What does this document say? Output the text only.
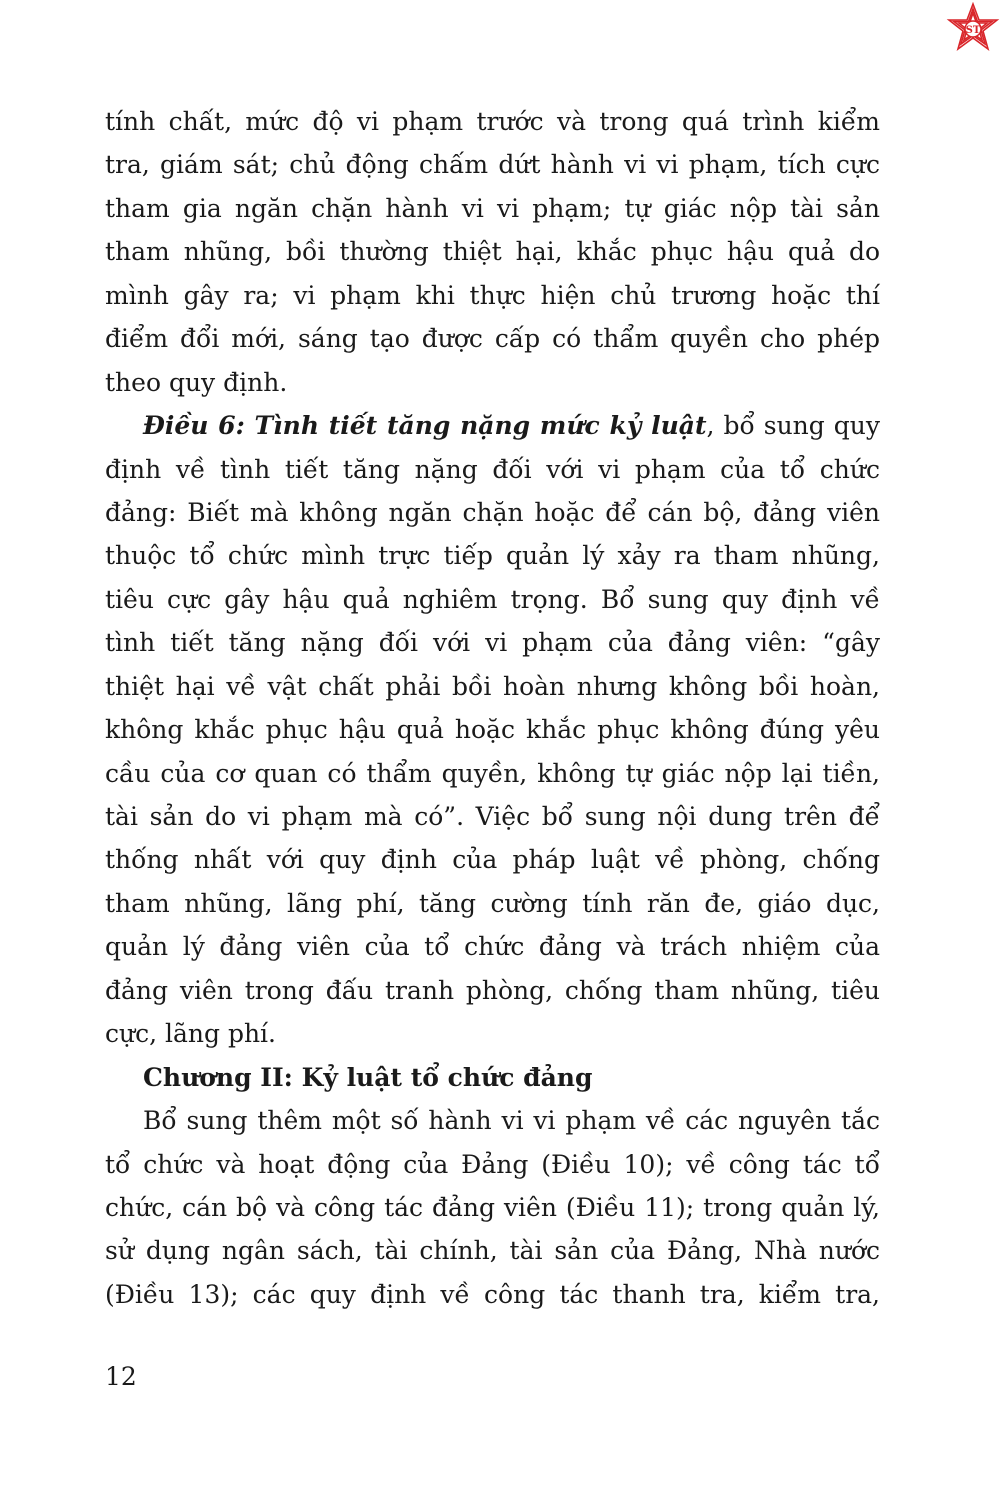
ST
tính chất, mức độ vi phạm trước và trong quá trình kiểm
tra, giám sát; chủ động chấm dứt hành vi vi phạm, tích cực
tham gia ngăn chặn hành vi vi phạm; tự giác nộp tài sản
tham nhũng, bồi thường thiệt hại, khắc phục hậu quả do
mình gây ra; vi phạm khi thực hiện chủ trương hoặc thí
điểm đổi mới, sáng tạo được cấp có thẩm quyền cho phép
theo quy định.
Điều 6: Tình tiết tăng nặng mức kỷ luật, bổ sung quy
định về tình tiết tăng nặng đối với vi phạm của tổ chức
đảng: Biết mà không ngăn chặn hoặc để cán bộ, đảng viên
thuộc tổ chức mình trực tiếp quản lý xảy ra tham nhũng,
tiêu cực gây hậu quả nghiêm trọng. Bổ sung quy định về
tình tiết tăng nặng đối với vi phạm của đảng viên: “gây
thiệt hại về vật chất phải bồi hoàn nhưng không bồi hoàn,
không khắc phục hậu quả hoặc khắc phục không đúng yêu
cầu của cơ quan có thẩm quyền, không tự giác nộp lại tiền,
tài sản do vi phạm mà có”. Việc bổ sung nội dung trên để
thống nhất với quy định của pháp luật về phòng, chống
tham nhũng, lãng phí, tăng cường tính răn đe, giáo dục,
quản lý đảng viên của tổ chức đảng và trách nhiệm của
đảng viên trong đấu tranh phòng, chống tham nhũng, tiêu
cực, lãng phí.
Chương II: Kỷ luật tổ chức đảng
Bổ sung thêm một số hành vi vi phạm về các nguyên tắc
tổ chức và hoạt động của Đảng (Điều 10); về công tác tổ
chức, cán bộ và công tác đảng viên (Điều 11); trong quản lý,
sử dụng ngân sách, tài chính, tài sản của Đảng, Nhà nước
(Điều 13); các quy định về công tác thanh tra, kiểm tra,
12
